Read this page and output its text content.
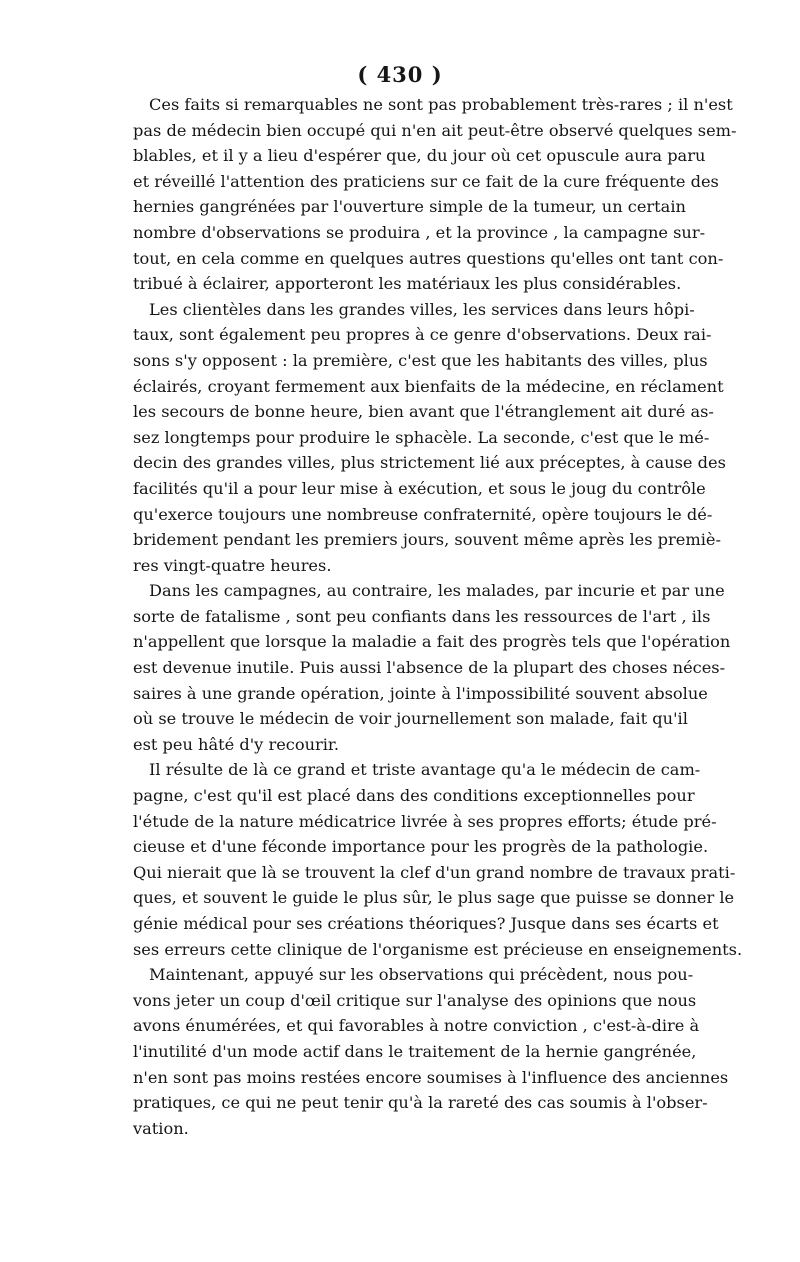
( 430 )
Ces faits si remarquables ne sont pas probablement très-rares ; il n'est
pas de médecin bien occupé qui n'en ait peut-être observé quelques sem-
blables, et il y a lieu d'espérer que, du jour où cet opuscule aura paru
et réveillé l'attention des praticiens sur ce fait de la cure fréquente des
hernies gangrénées par l'ouverture simple de la tumeur, un certain
nombre d'observations se produira , et la province , la campagne sur-
tout, en cela comme en quelques autres questions qu'elles ont tant con-
tribué à éclairer, apporteront les matériaux les plus considérables.
Les clientèles dans les grandes villes, les services dans leurs hôpi-
taux, sont également peu propres à ce genre d'observations. Deux rai-
sons s'y opposent : la première, c'est que les habitants des villes, plus
éclairés, croyant fermement aux bienfaits de la médecine, en réclament
les secours de bonne heure, bien avant que l'étranglement ait duré as-
sez longtemps pour produire le sphacèle. La seconde, c'est que le mé-
decin des grandes villes, plus strictement lié aux préceptes, à cause des
facilités qu'il a pour leur mise à exécution, et sous le joug du contrôle
qu'exerce toujours une nombreuse confraternité, opère toujours le dé-
bridement pendant les premiers jours, souvent même après les premiè-
res vingt-quatre heures.
Dans les campagnes, au contraire, les malades, par incurie et par une
sorte de fatalisme , sont peu confiants dans les ressources de l'art , ils
n'appellent que lorsque la maladie a fait des progrès tels que l'opération
est devenue inutile. Puis aussi l'absence de la plupart des choses néces-
saires à une grande opération, jointe à l'impossibilité souvent absolue
où se trouve le médecin de voir journellement son malade, fait qu'il
est peu hâté d'y recourir.
Il résulte de là ce grand et triste avantage qu'a le médecin de cam-
pagne, c'est qu'il est placé dans des conditions exceptionnelles pour
l'étude de la nature médicatrice livrée à ses propres efforts; étude pré-
cieuse et d'une féconde importance pour les progrès de la pathologie.
Qui nierait que là se trouvent la clef d'un grand nombre de travaux prati-
ques, et souvent le guide le plus sûr, le plus sage que puisse se donner le
génie médical pour ses créations théoriques? Jusque dans ses écarts et
ses erreurs cette clinique de l'organisme est précieuse en enseignements.
Maintenant, appuyé sur les observations qui précèdent, nous pou-
vons jeter un coup d'œil critique sur l'analyse des opinions que nous
avons énumérées, et qui favorables à notre conviction , c'est-à-dire à
l'inutilité d'un mode actif dans le traitement de la hernie gangrénée,
n'en sont pas moins restées encore soumises à l'influence des anciennes
pratiques, ce qui ne peut tenir qu'à la rareté des cas soumis à l'obser-
vation.
